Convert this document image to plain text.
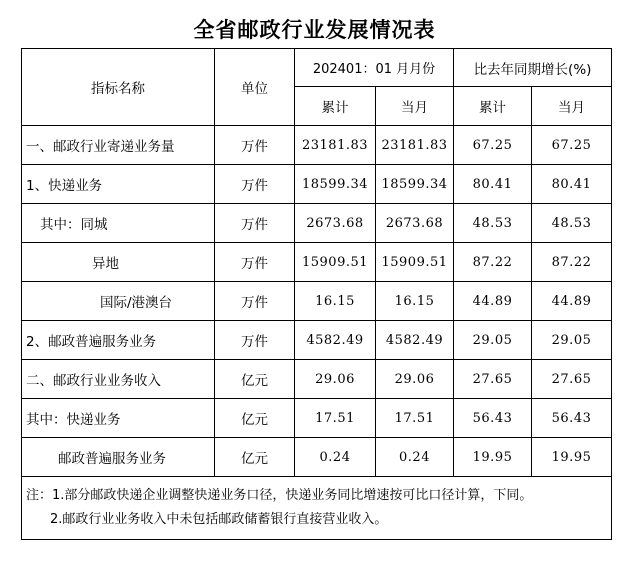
全省邮政行业发展情况表
指标名称	单位	202401：01 月月份		比去年同期增长(%)	
		累计	当月	累计	当月
一、邮政行业寄递业务量	万件	23181.83	23181.83	67.25	67.25
1、快递业务	万件	18599.34	18599.34	80.41	80.41
其中：同城	万件	2673.68	2673.68	48.53	48.53
异地	万件	15909.51	15909.51	87.22	87.22
国际/港澳台	万件	16.15	16.15	44.89	44.89
2、邮政普遍服务业务	万件	4582.49	4582.49	29.05	29.05
二、邮政行业业务收入	亿元	29.06	29.06	27.65	27.65
其中：快递业务	亿元	17.51	17.51	56.43	56.43
邮政普遍服务业务	亿元	0.24	0.24	19.95	19.95

注：1.部分邮政快递企业调整快递业务口径，快递业务同比增速按可比口径计算，下同。
2.邮政行业业务收入中未包括邮政储蓄银行直接营业收入。					
